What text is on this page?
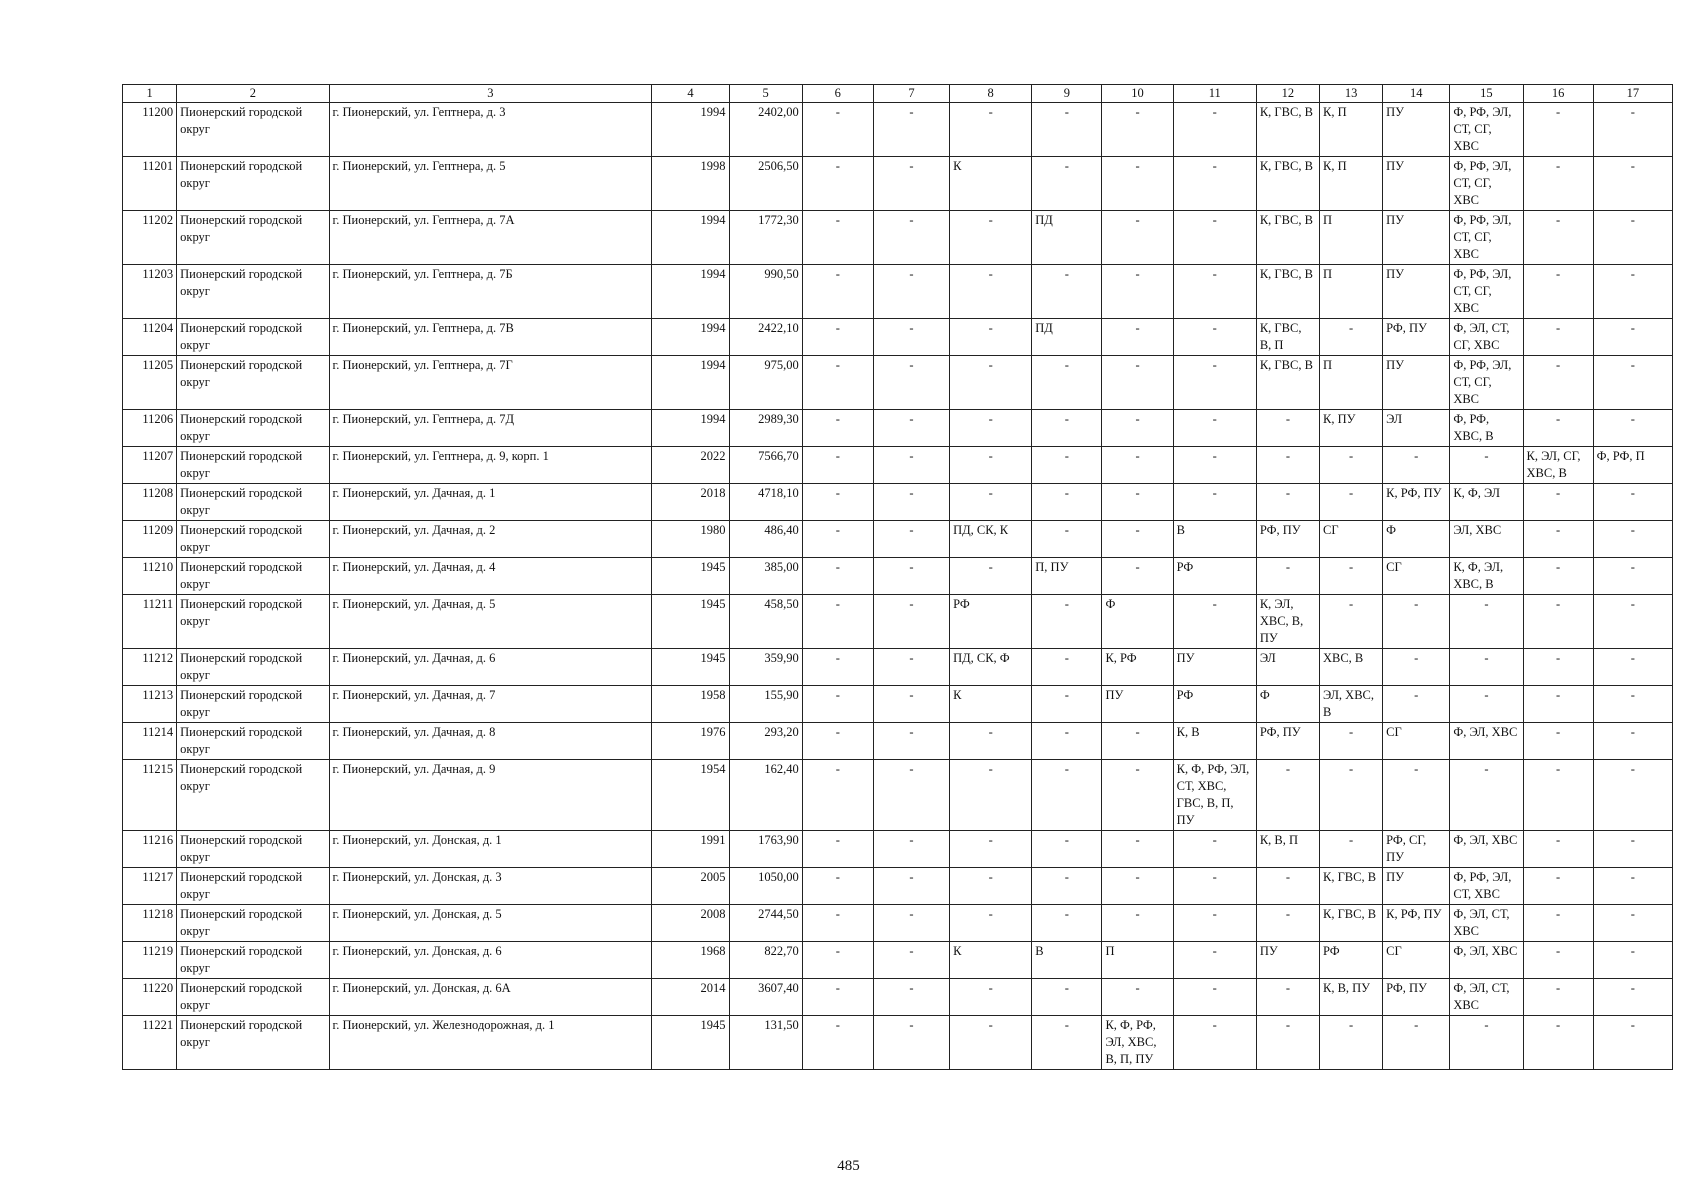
1	2	3	4	5	6	7	8	9	10	11	12	13	14	15	16	17
11200	Пионерский городской округ	г. Пионерский, ул. Гептнера, д. 3	1994	2402,00	-	-	-	-	-	-	К, ГВС, В	К, П	ПУ	Ф, РФ, ЭЛ, СТ, СГ, ХВС	-	-
11201	Пионерский городской округ	г. Пионерский, ул. Гептнера, д. 5	1998	2506,50	-	-	К	-	-	-	К, ГВС, В	К, П	ПУ	Ф, РФ, ЭЛ, СТ, СГ, ХВС	-	-
11202	Пионерский городской округ	г. Пионерский, ул. Гептнера, д. 7А	1994	1772,30	-	-	-	ПД	-	-	К, ГВС, В	П	ПУ	Ф, РФ, ЭЛ, СТ, СГ, ХВС	-	-
11203	Пионерский городской округ	г. Пионерский, ул. Гептнера, д. 7Б	1994	990,50	-	-	-	-	-	-	К, ГВС, В	П	ПУ	Ф, РФ, ЭЛ, СТ, СГ, ХВС	-	-
11204	Пионерский городской округ	г. Пионерский, ул. Гептнера, д. 7В	1994	2422,10	-	-	-	ПД	-	-	К, ГВС, В, П	-	РФ, ПУ	Ф, ЭЛ, СТ, СГ, ХВС	-	-
11205	Пионерский городской округ	г. Пионерский, ул. Гептнера, д. 7Г	1994	975,00	-	-	-	-	-	-	К, ГВС, В	П	ПУ	Ф, РФ, ЭЛ, СТ, СГ, ХВС	-	-
11206	Пионерский городской округ	г. Пионерский, ул. Гептнера, д. 7Д	1994	2989,30	-	-	-	-	-	-	-	К, ПУ	ЭЛ	Ф, РФ, ХВС, В	-	-
11207	Пионерский городской округ	г. Пионерский, ул. Гептнера, д. 9, корп. 1	2022	7566,70	-	-	-	-	-	-	-	-	-	-	К, ЭЛ, СГ, ХВС, В	Ф, РФ, П
11208	Пионерский городской округ	г. Пионерский, ул. Дачная, д. 1	2018	4718,10	-	-	-	-	-	-	-	-	К, РФ, ПУ	К, Ф, ЭЛ	-	-
11209	Пионерский городской округ	г. Пионерский, ул. Дачная, д. 2	1980	486,40	-	-	ПД, СК, К	-	-	В	РФ, ПУ	СГ	Ф	ЭЛ, ХВС	-	-
11210	Пионерский городской округ	г. Пионерский, ул. Дачная, д. 4	1945	385,00	-	-	-	П, ПУ	-	РФ	-	-	СГ	К, Ф, ЭЛ, ХВС, В	-	-
11211	Пионерский городской округ	г. Пионерский, ул. Дачная, д. 5	1945	458,50	-	-	РФ	-	Ф	-	К, ЭЛ, ХВС, В, ПУ	-	-	-	-	-
11212	Пионерский городской округ	г. Пионерский, ул. Дачная, д. 6	1945	359,90	-	-	ПД, СК, Ф	-	К, РФ	ПУ	ЭЛ	ХВС, В	-	-	-	-
11213	Пионерский городской округ	г. Пионерский, ул. Дачная, д. 7	1958	155,90	-	-	К	-	ПУ	РФ	Ф	ЭЛ, ХВС, В	-	-	-	-
11214	Пионерский городской округ	г. Пионерский, ул. Дачная, д. 8	1976	293,20	-	-	-	-	-	К, В	РФ, ПУ	-	СГ	Ф, ЭЛ, ХВС	-	-
11215	Пионерский городской округ	г. Пионерский, ул. Дачная, д. 9	1954	162,40	-	-	-	-	-	К, Ф, РФ, ЭЛ, СТ, ХВС, ГВС, В, П, ПУ	-	-	-	-	-	-
11216	Пионерский городской округ	г. Пионерский, ул. Донская, д. 1	1991	1763,90	-	-	-	-	-	-	К, В, П	-	РФ, СГ, ПУ	Ф, ЭЛ, ХВС	-	-
11217	Пионерский городской округ	г. Пионерский, ул. Донская, д. 3	2005	1050,00	-	-	-	-	-	-	-	К, ГВС, В	ПУ	Ф, РФ, ЭЛ, СТ, ХВС	-	-
11218	Пионерский городской округ	г. Пионерский, ул. Донская, д. 5	2008	2744,50	-	-	-	-	-	-	-	К, ГВС, В	К, РФ, ПУ	Ф, ЭЛ, СТ, ХВС	-	-
11219	Пионерский городской округ	г. Пионерский, ул. Донская, д. 6	1968	822,70	-	-	К	В	П	-	ПУ	РФ	СГ	Ф, ЭЛ, ХВС	-	-
11220	Пионерский городской округ	г. Пионерский, ул. Донская, д. 6А	2014	3607,40	-	-	-	-	-	-	-	К, В, ПУ	РФ, ПУ	Ф, ЭЛ, СТ, ХВС	-	-
11221	Пионерский городской округ	г. Пионерский, ул. Железнодорожная, д. 1	1945	131,50	-	-	-	-	К, Ф, РФ, ЭЛ, ХВС, В, П, ПУ	-	-	-	-	-	-	-
485
